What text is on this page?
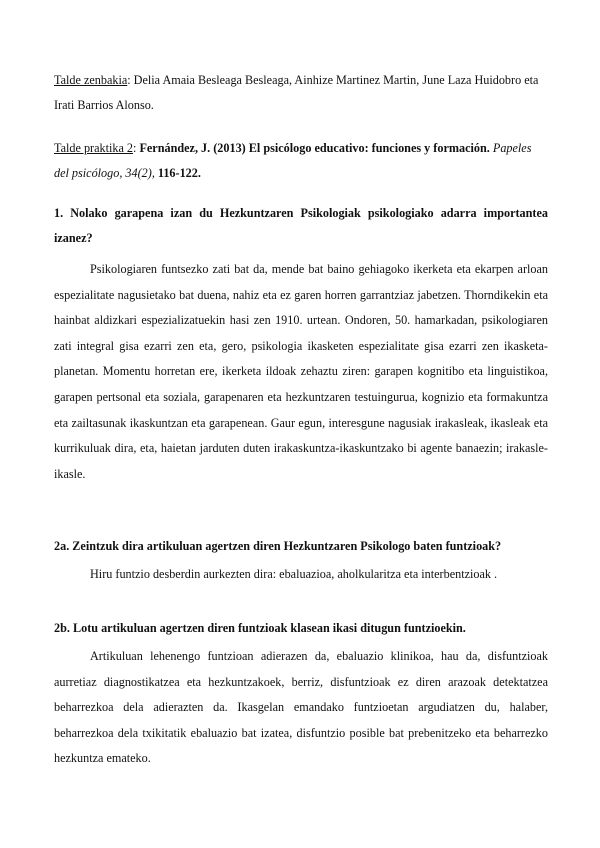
Talde zenbakia: Delia Amaia Besleaga Besleaga, Ainhize Martinez Martin, June Laza Huidobro eta Irati Barrios Alonso.
Talde praktika 2: Fernández, J. (2013) El psicólogo educativo: funciones y formación. Papeles del psicólogo, 34(2), 116-122.
1. Nolako garapena izan du Hezkuntzaren Psikologiak psikologiako adarra importantea izanez?
Psikologiaren funtsezko zati bat da, mende bat baino gehiagoko ikerketa eta ekarpen arloan espezialitate nagusietako bat duena, nahiz eta ez garen horren garrantziaz jabetzen. Thorndikekin eta hainbat aldizkari espezializatuekin hasi zen 1910. urtean. Ondoren, 50. hamarkadan, psikologiaren zati integral gisa ezarri zen eta, gero, psikologia ikasketen espezialitate gisa ezarri zen ikasketa-planetan. Momentu horretan ere, ikerketa ildoak zehaztu ziren: garapen kognitibo eta linguistikoa, garapen pertsonal eta soziala, garapenaren eta hezkuntzaren testuingurua, kognizio eta formakuntza eta zailtasunak ikaskuntzan eta garapenean. Gaur egun, interesgune nagusiak irakasleak, ikasleak eta kurrikuluak dira, eta, haietan jarduten duten irakaskuntza-ikaskuntzako bi agente banaezin; irakasle-ikasle.
2a. Zeintzuk dira artikuluan agertzen diren Hezkuntzaren Psikologo baten funtzioak?
Hiru funtzio desberdin aurkezten dira: ebaluazioa, aholkularitza eta interbentzioak .
2b. Lotu artikuluan agertzen diren funtzioak klasean ikasi ditugun funtzioekin.
Artikuluan lehenengo funtzioan adierazen da, ebaluazio klinikoa, hau da, disfuntzioak aurretiaz diagnostikatzea eta hezkuntzakoek, berriz, disfuntzioak ez diren arazoak detektatzea beharrezkoa dela adierazten da. Ikasgelan emandako funtzioetan argudiatzen du, halaber, beharrezkoa dela txikitatik ebaluazio bat izatea, disfuntzio posible bat prebenitzeko eta beharrezko hezkuntza emateko.
